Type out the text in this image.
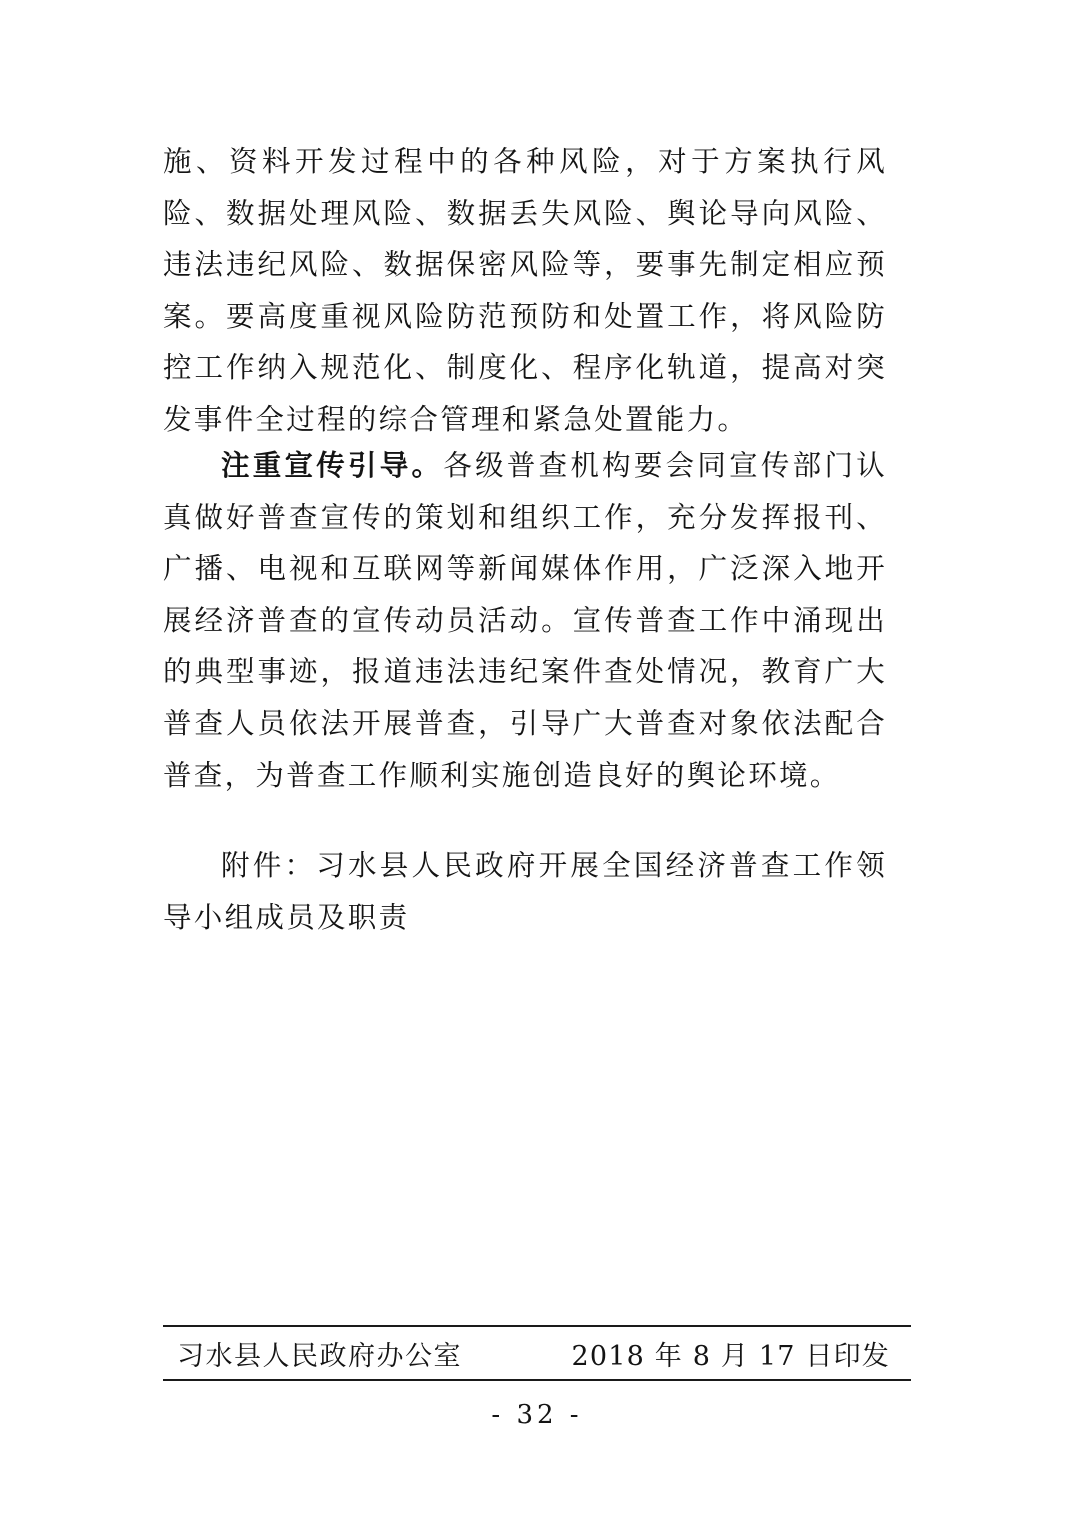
施、资料开发过程中的各种风险，对于方案执行风险、数据处理风险、数据丢失风险、舆论导向风险、违法违纪风险、数据保密风险等，要事先制定相应预案。要高度重视风险防范预防和处置工作，将风险防控工作纳入规范化、制度化、程序化轨道，提高对突发事件全过程的综合管理和紧急处置能力。

注重宣传引导。各级普查机构要会同宣传部门认真做好普查宣传的策划和组织工作，充分发挥报刊、广播、电视和互联网等新闻媒体作用，广泛深入地开展经济普查的宣传动员活动。宣传普查工作中涌现出的典型事迹，报道违法违纪案件查处情况，教育广大普查人员依法开展普查，引导广大普查对象依法配合普查，为普查工作顺利实施创造良好的舆论环境。

附件：习水县人民政府开展全国经济普查工作领导小组成员及职责

习水县人民政府办公室	2018 年 8 月 17 日印发
- 32 -
